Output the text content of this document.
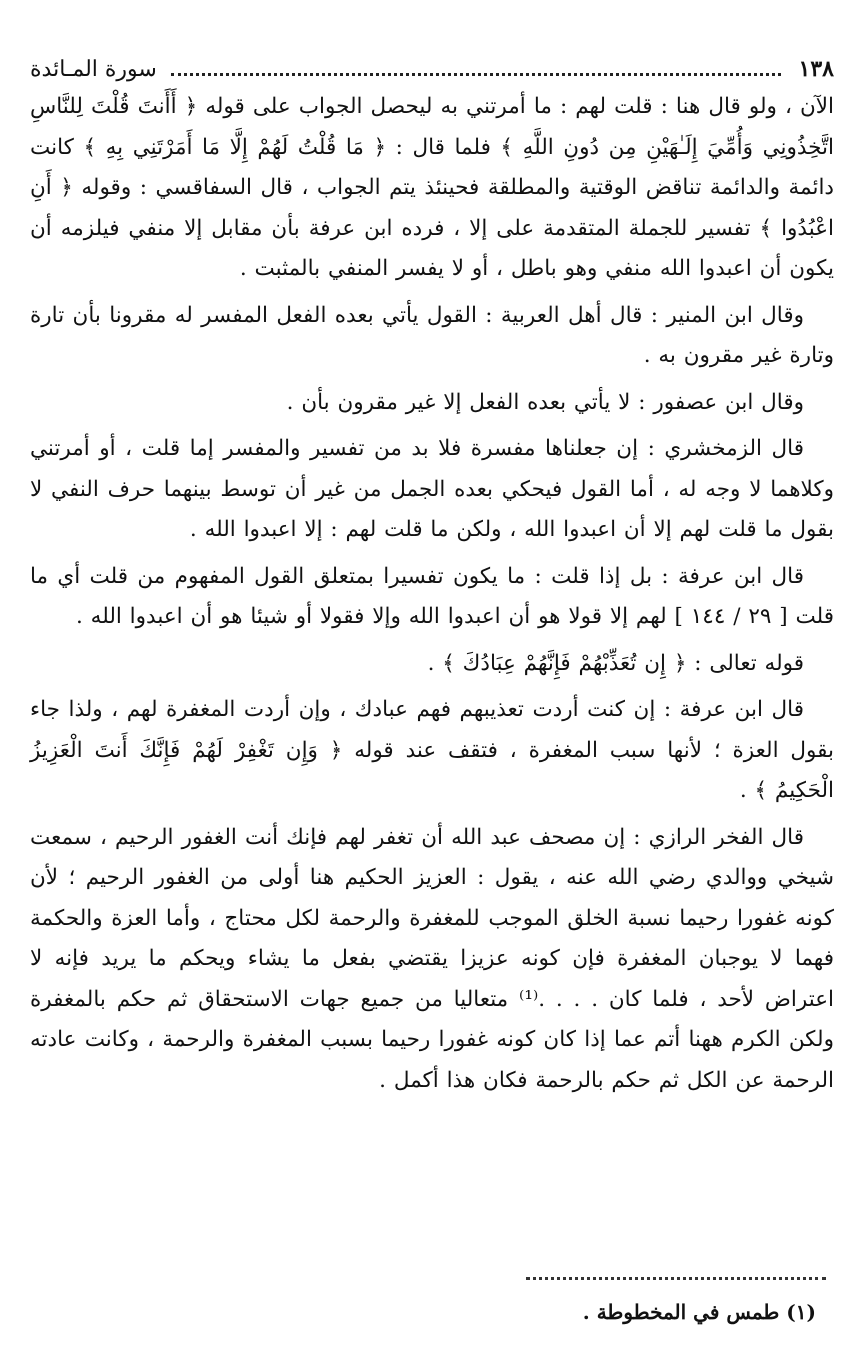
١٣٨
سورة المـائدة

الآن ، ولو قال هنا : قلت لهم : ما أمرتني به ليحصل الجواب على قوله ﴿ أَأَنتَ قُلْتَ لِلنَّاسِ اتَّخِذُونِي وَأُمِّيَ إِلَـٰهَيْنِ مِن دُونِ اللَّهِ ﴾ فلما قال : ﴿ مَا قُلْتُ لَهُمْ إِلَّا مَا أَمَرْتَنِي بِهِ ﴾ كانت دائمة والدائمة تناقض الوقتية والمطلقة فحينئذ يتم الجواب ، قال السفاقسي : وقوله ﴿ أَنِ اعْبُدُوا ﴾ تفسير للجملة المتقدمة على إلا ، فرده ابن عرفة بأن مقابل إلا منفي فيلزمه أن يكون أن اعبدوا الله منفي وهو باطل ، أو لا يفسر المنفي بالمثبت .

وقال ابن المنير : قال أهل العربية : القول يأتي بعده الفعل المفسر له مقرونا بأن تارة وتارة غير مقرون به .

وقال ابن عصفور : لا يأتي بعده الفعل إلا غير مقرون بأن .

قال الزمخشري : إن جعلناها مفسرة فلا بد من تفسير والمفسر إما قلت ، أو أمرتني وكلاهما لا وجه له ، أما القول فيحكي بعده الجمل من غير أن توسط بينهما حرف النفي لا بقول ما قلت لهم إلا أن اعبدوا الله ، ولكن ما قلت لهم : إلا اعبدوا الله .

قال ابن عرفة : بل إذا قلت : ما يكون تفسيرا بمتعلق القول المفهوم من قلت أي ما قلت [ ٢٩ / ١٤٤ ] لهم إلا قولا هو أن اعبدوا الله وإلا فقولا أو شيئا هو أن اعبدوا الله .

قوله تعالى : ﴿ إِن تُعَذِّبْهُمْ فَإِنَّهُمْ عِبَادُكَ ﴾ .

قال ابن عرفة : إن كنت أردت تعذيبهم فهم عبادك ، وإن أردت المغفرة لهم ، ولذا جاء بقول العزة ؛ لأنها سبب المغفرة ، فتقف عند قوله ﴿ وَإِن تَغْفِرْ لَهُمْ فَإِنَّكَ أَنتَ الْعَزِيزُ الْحَكِيمُ ﴾ .

قال الفخر الرازي : إن مصحف عبد الله أن تغفر لهم فإنك أنت الغفور الرحيم ، سمعت شيخي ووالدي رضي الله عنه ، يقول : العزيز الحكيم هنا أولى من الغفور الرحيم ؛ لأن كونه غفورا رحيما نسبة الخلق الموجب للمغفرة والرحمة لكل محتاج ، وأما العزة والحكمة فهما لا يوجبان المغفرة فإن كونه عزيزا يقتضي بفعل ما يشاء ويحكم ما يريد فإنه لا اعتراض لأحد ، فلما كان . . . .⁽¹⁾ متعاليا من جميع جهات الاستحقاق ثم حكم بالمغفرة ولكن الكرم ههنا أتم عما إذا كان كونه غفورا رحيما بسبب المغفرة والرحمة ، وكانت عادته الرحمة عن الكل ثم حكم بالرحمة فكان هذا أكمل .

(١) طمس في المخطوطة .
